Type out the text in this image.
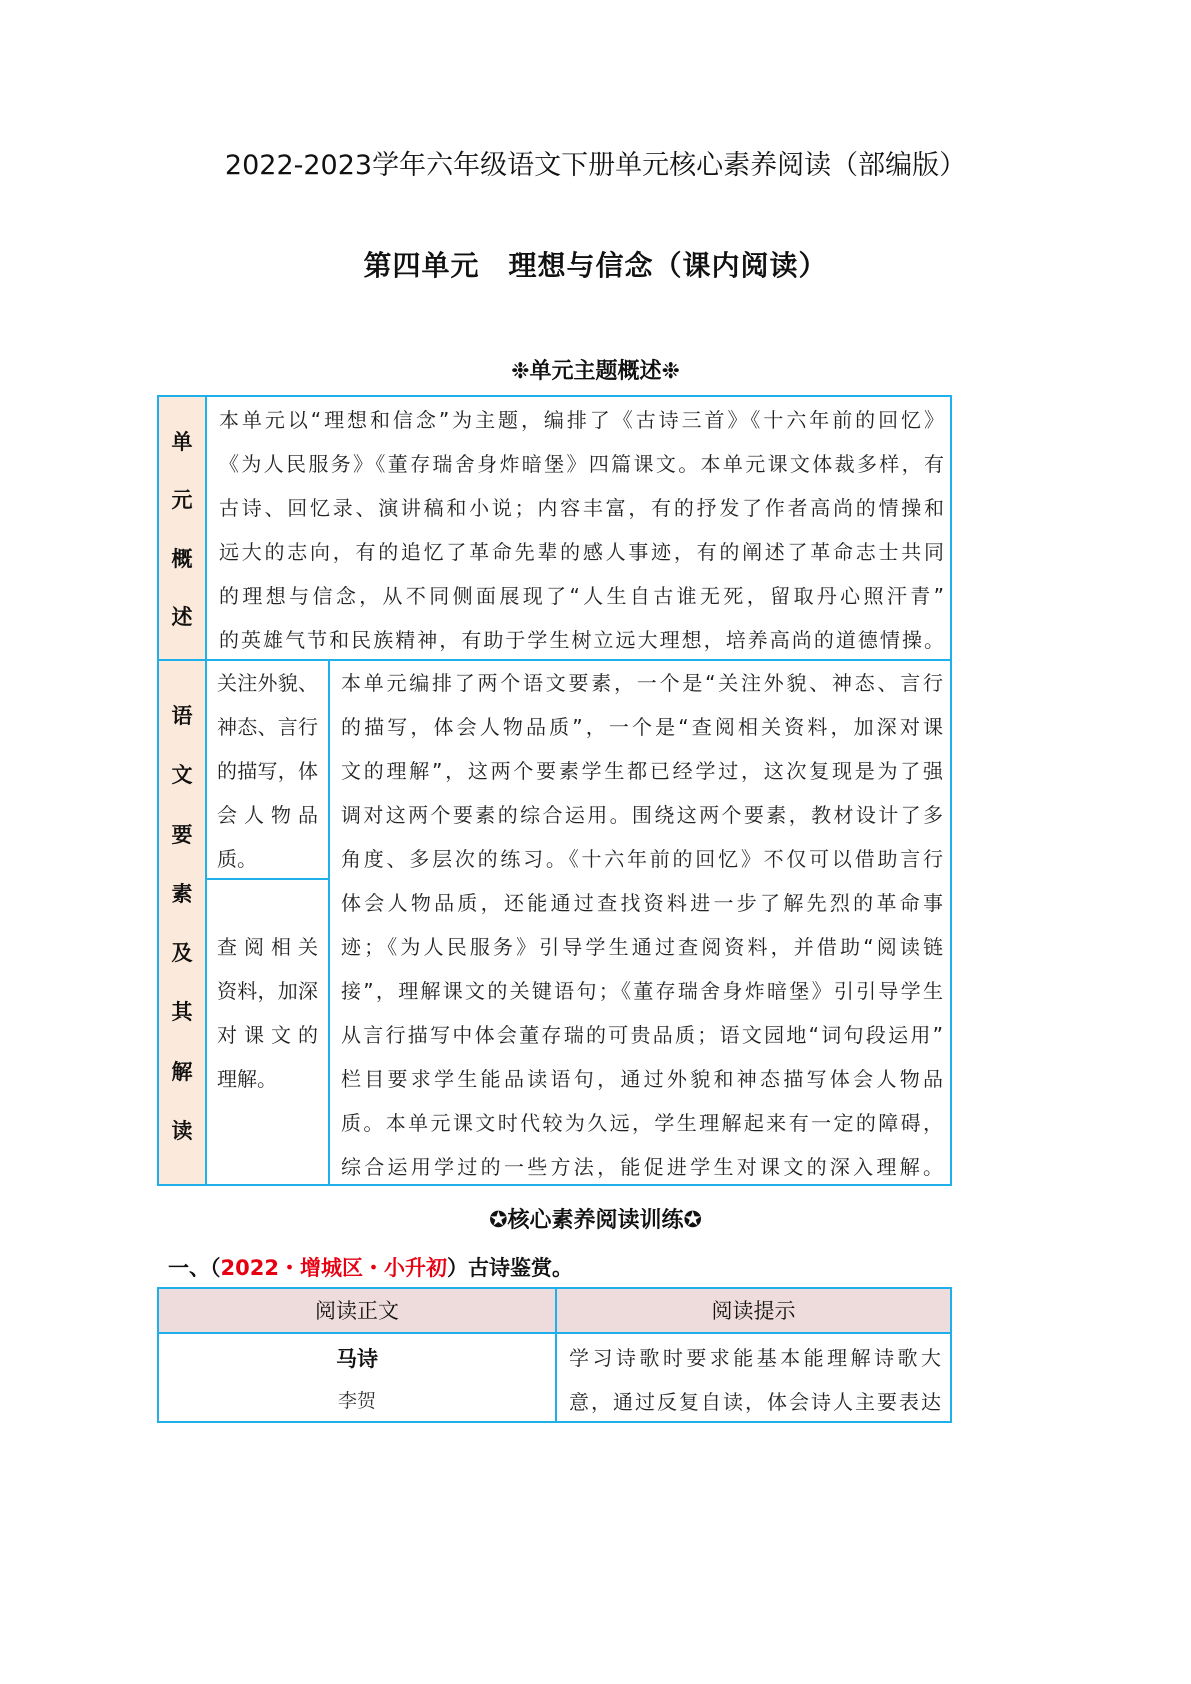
2022-2023学年六年级语文下册单元核心素养阅读（部编版）
第四单元　理想与信念（课内阅读）
❉单元主题概述❉
单
元
概
述
本单元以“理想和信念”为主题，编排了《古诗三首》《十六年前的回忆》
《为人民服务》《董存瑞舍身炸暗堡》四篇课文。本单元课文体裁多样，有
古诗、回忆录、演讲稿和小说；内容丰富，有的抒发了作者高尚的情操和
远大的志向，有的追忆了革命先辈的感人事迹，有的阐述了革命志士共同
的理想与信念，从不同侧面展现了“人生自古谁无死，留取丹心照汗青”
的英雄气节和民族精神，有助于学生树立远大理想，培养高尚的道德情操。
语
文
要
素
及
其
解
读
关注外貌、
神态、言行
的描写，体
会人物品
质。
查阅相关
资料，加深
对课文的
理解。
本单元编排了两个语文要素，一个是“关注外貌、神态、言行
的描写，体会人物品质”，一个是“查阅相关资料，加深对课
文的理解”，这两个要素学生都已经学过，这次复现是为了强
调对这两个要素的综合运用。围绕这两个要素，教材设计了多
角度、多层次的练习。《十六年前的回忆》不仅可以借助言行
体会人物品质，还能通过查找资料进一步了解先烈的革命事
迹；《为人民服务》引导学生通过查阅资料，并借助“阅读链
接”，理解课文的关键语句；《董存瑞舍身炸暗堡》引引导学生
从言行描写中体会董存瑞的可贵品质；语文园地“词句段运用”
栏目要求学生能品读语句，通过外貌和神态描写体会人物品
质。本单元课文时代较为久远，学生理解起来有一定的障碍，
综合运用学过的一些方法，能促进学生对课文的深入理解。
✪核心素养阅读训练✪
一、（2022・增城区・小升初）古诗鉴赏。
阅读正文	阅读提示
马诗
李贺
学习诗歌时要求能基本能理解诗歌大
意，通过反复自读，体会诗人主要表达
